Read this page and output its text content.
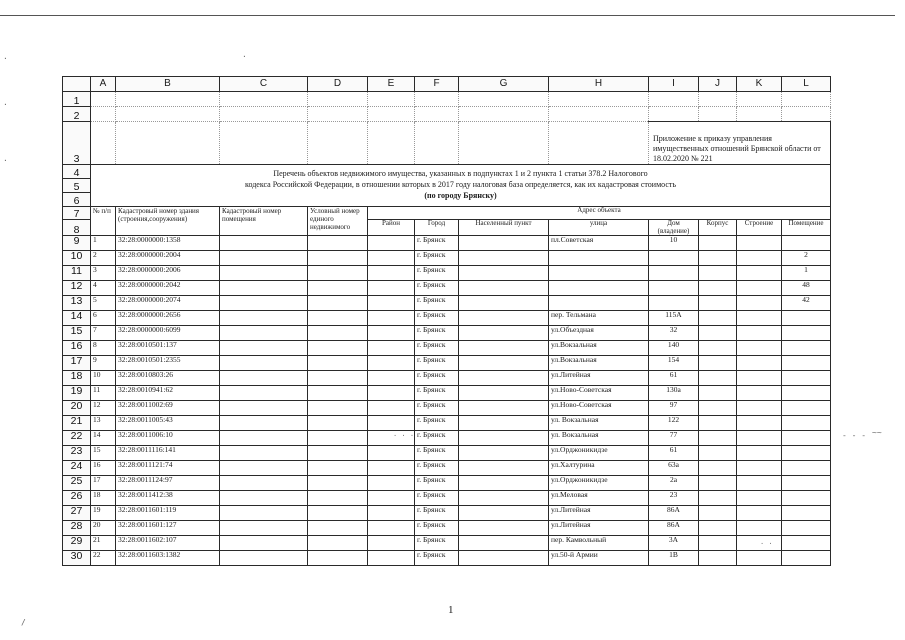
·
·
·
·
- - - ~~
/
	A	B	C	D	E	F	G	H	I	J	K	L
1												
2												
3									Приложение к приказу управления имущественных отношений Брянской области от 18.02.2020 № 221			
4	Перечень объектов недвижимого имущества, указанных в подпунктах 1 и 2 пункта 1 статьи 378.2 Налогового
кодекса Российской Федерации, в отношении которых в 2017 году налоговая база определяется, как их кадастровая стоимость
(по городу Брянску)											

5												
6												
7	№ п/п	Кадастровый номер здания (строения,сооружения)	Кадастровый номер помещения	Условный номер единого недвижимого	Адрес объекта							
8					Район	Город	Населенный пункт	улица	Дом (владение)	Корпус	Строение	Помещение
9	1	32:28:0000000:1358				г. Брянск		пл.Советская	10			
10	2	32:28:0000000:2004				г. Брянск						2
11	3	32:28:0000000:2006				г. Брянск						1
12	4	32:28:0000000:2042				г. Брянск						48
13	5	32:28:0000000:2074				г. Брянск						42
14	6	32:28:0000000:2656				г. Брянск		пер. Тельмана	115А			
15	7	32:28:0000000:6099				г. Брянск		ул.Объездная	32			
16	8	32:28:0010501:137				г. Брянск		ул.Вокзальная	140			
17	9	32:28:0010501:2355				г. Брянск		ул.Вокзальная	154			
18	10	32:28:0010803:26				г. Брянск		ул.Литейная	61			
19	11	32:28:0010941:62				г. Брянск		ул.Ново-Советская	130а			
20	12	32:28:0011002:69				г. Брянск		ул.Ново-Советская	97			
21	13	32:28:0011005:43				г. Брянск		ул. Вокзальная	122			
22	14	32:28:0011006:10				г. Брянск		ул. Вокзальная	77			
23	15	32:28:0011116:141				г. Брянск		ул.Орджоникидзе	61			
24	16	32:28:0011121:74				г. Брянск		ул.Халтурина	63а			
25	17	32:28:0011124:97				г. Брянск		ул.Орджоникидзе	2а			
26	18	32:28:0011412:38				г. Брянск		ул.Меловая	23			
27	19	32:28:0011601:119				г. Брянск		ул.Литейная	86А			
28	20	32:28:0011601:127				г. Брянск		ул.Литейная	86А			
29	21	32:28:0011602:107				г. Брянск		пер. Камвольный	3А			
30	22	32:28:0011603:1382				г. Брянск		ул.50-й Армии	1В			
· · ·
· ·
1
